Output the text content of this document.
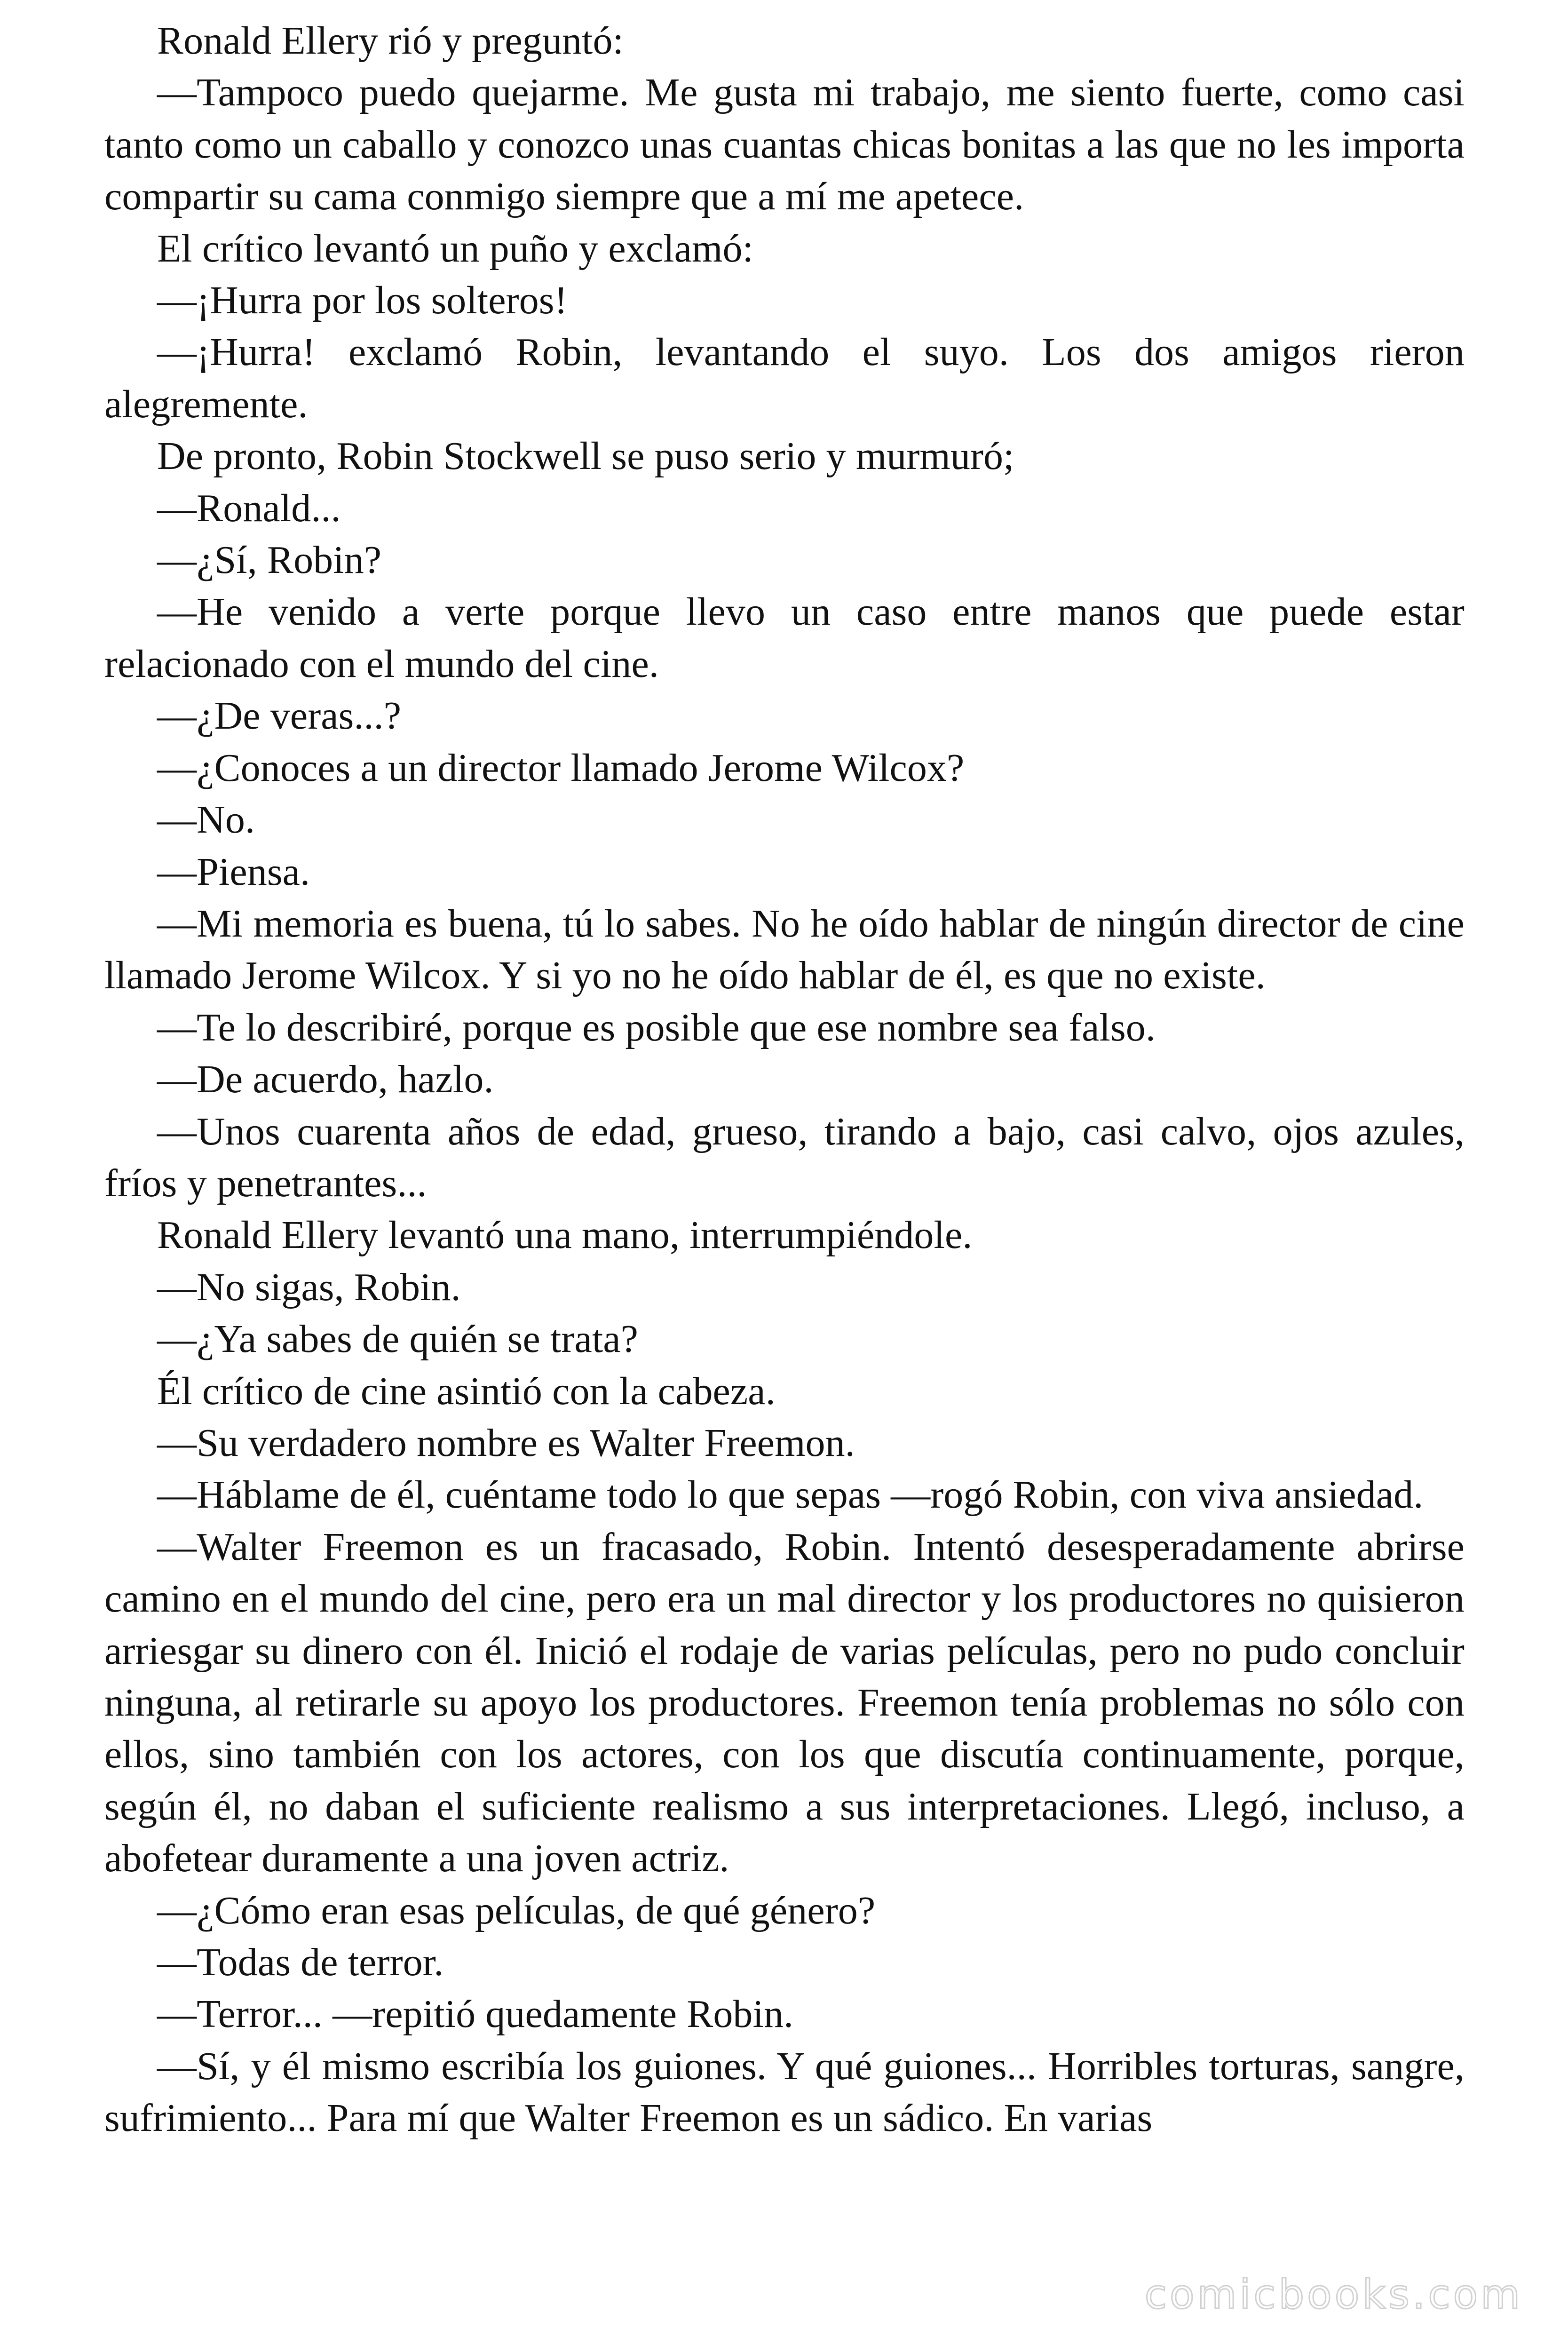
Ronald Ellery rió y preguntó:

—Tampoco puedo quejarme. Me gusta mi trabajo, me siento fuerte, como casi tanto como un caballo y conozco unas cuantas chicas bonitas a las que no les importa compartir su cama conmigo siempre que a mí me apetece.

El crítico levantó un puño y exclamó:

—¡Hurra por los solteros!

—¡Hurra! exclamó Robin, levantando el suyo. Los dos amigos rieron alegremente.

De pronto, Robin Stockwell se puso serio y murmuró;

—Ronald...

—¿Sí, Robin?

—He venido a verte porque llevo un caso entre manos que puede estar relacionado con el mundo del cine.

—¿De veras...?

—¿Conoces a un director llamado Jerome Wilcox?

—No.

—Piensa.

—Mi memoria es buena, tú lo sabes. No he oído hablar de ningún director de cine llamado Jerome Wilcox. Y si yo no he oído hablar de él, es que no existe.

—Te lo describiré, porque es posible que ese nombre sea falso.

—De acuerdo, hazlo.

—Unos cuarenta años de edad, grueso, tirando a bajo, casi calvo, ojos azules, fríos y penetrantes...

Ronald Ellery levantó una mano, interrumpiéndole.

—No sigas, Robin.

—¿Ya sabes de quién se trata?

Él crítico de cine asintió con la cabeza.

—Su verdadero nombre es Walter Freemon.

—Háblame de él, cuéntame todo lo que sepas —rogó Robin, con viva ansiedad.

—Walter Freemon es un fracasado, Robin. Intentó desesperadamente abrirse camino en el mundo del cine, pero era un mal director y los productores no quisieron arriesgar su dinero con él. Inició el rodaje de varias películas, pero no pudo concluir ninguna, al retirarle su apoyo los productores. Freemon tenía problemas no sólo con ellos, sino también con los actores, con los que discutía continuamente, porque, según él, no daban el suficiente realismo a sus interpretaciones. Llegó, incluso, a abofetear duramente a una joven actriz.

—¿Cómo eran esas películas, de qué género?

—Todas de terror.

—Terror... —repitió quedamente Robin.

—Sí, y él mismo escribía los guiones. Y qué guiones... Horribles torturas, sangre, sufrimiento... Para mí que Walter Freemon es un sádico. En varias

comicbooks.com
